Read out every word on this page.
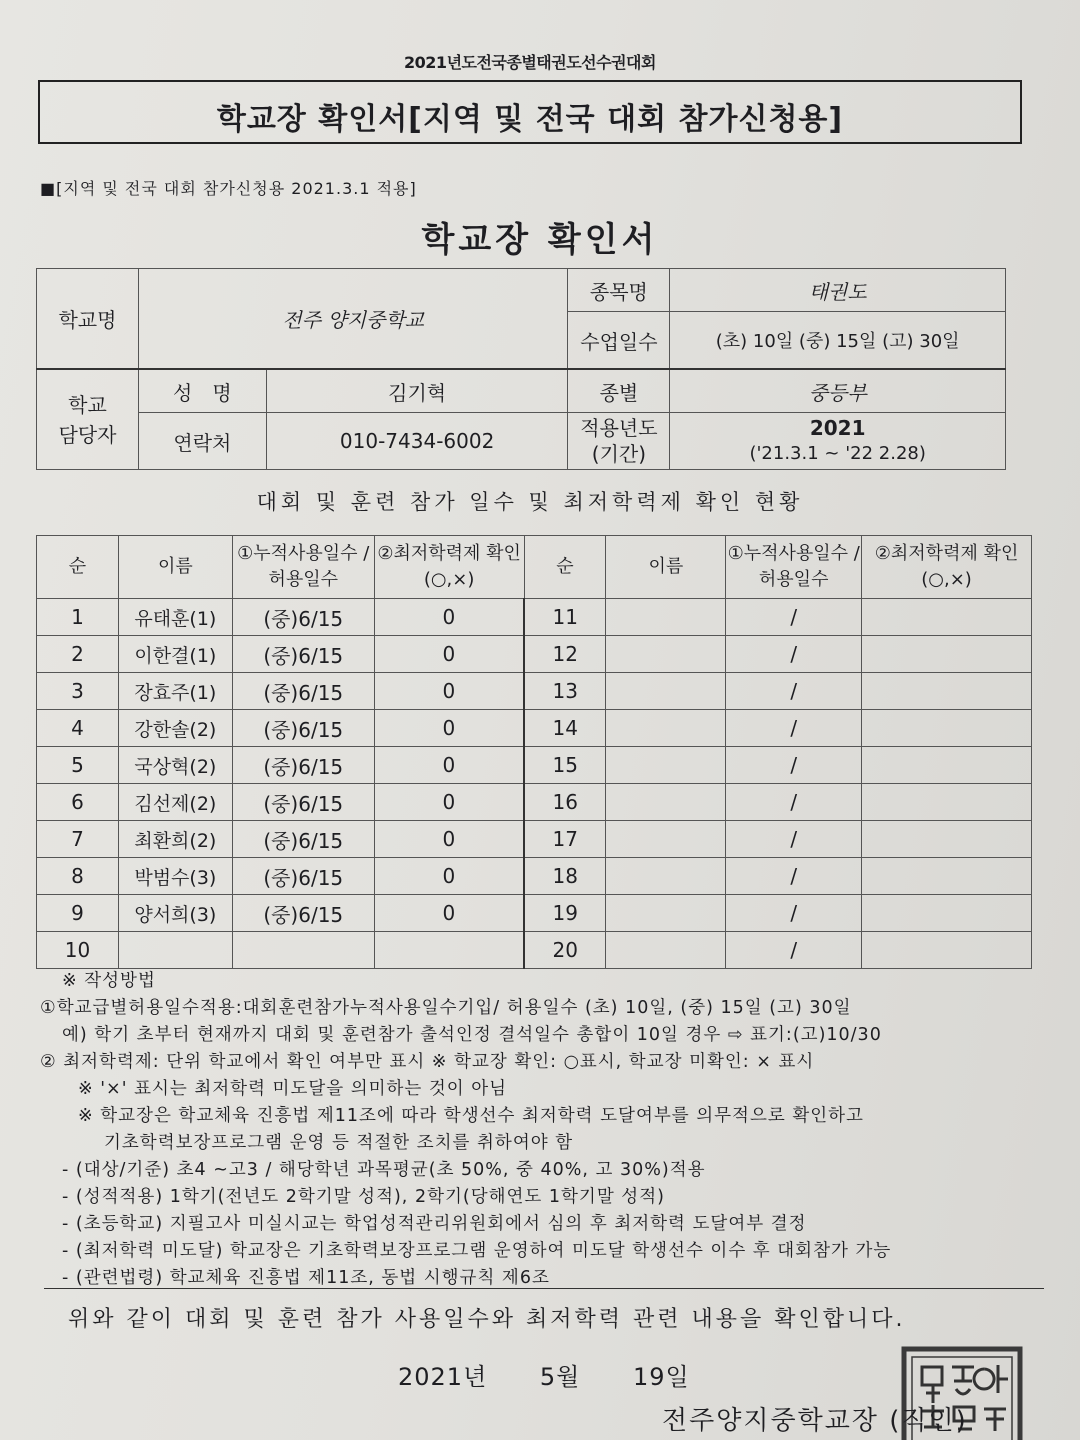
2021년도전국종별태권도선수권대회
학교장 확인서[지역 및 전국 대회 참가신청용]
■[지역 및 전국 대회 참가신청용 2021.3.1 적용]
학교장 확인서
학교명	전주 양지중학교		종목명	태권도
			수업일수	(초) 10일 (중) 15일 (고) 30일
학교 담당자	성　명	김기혁	종별	중등부
	연락처	010-7434-6002	적용년도 (기간)	2021
('21.3.1 ~ '22 2.28)
대회 및 훈련 참가 일수 및 최저학력제 확인 현황
순	이름	①누적사용일수 /허용일수	②최저학력제 확인(○,×)	순	이름	①누적사용일수 /허용일수	②최저학력제 확인(○,×)
1	유태훈(1)	(중)6/15	0	11		/	
2	이한결(1)	(중)6/15	0	12		/	
3	장효주(1)	(중)6/15	0	13		/	
4	강한솔(2)	(중)6/15	0	14		/	
5	국상혁(2)	(중)6/15	0	15		/	
6	김선제(2)	(중)6/15	0	16		/	
7	최환희(2)	(중)6/15	0	17		/	
8	박범수(3)	(중)6/15	0	18		/	
9	양서희(3)	(중)6/15	0	19		/	
10				20		/	
※ 작성방법
①학교급별허용일수적용:대회훈련참가누적사용일수기입/ 허용일수 (초) 10일, (중) 15일 (고) 30일
예) 학기 초부터 현재까지 대회 및 훈련참가 출석인정 결석일수 총합이 10일 경우 ⇨ 표기:(고)10/30
② 최저학력제: 단위 학교에서 확인 여부만 표시 ※ 학교장 확인: ○표시, 학교장 미확인: × 표시
※ '×' 표시는 최저학력 미도달을 의미하는 것이 아님
※ 학교장은 학교체육 진흥법 제11조에 따라 학생선수 최저학력 도달여부를 의무적으로 확인하고
기초학력보장프로그램 운영 등 적절한 조치를 취하여야 함
- (대상/기준) 초4 ~고3 / 해당학년 과목평균(초 50%, 중 40%, 고 30%)적용
- (성적적용) 1학기(전년도 2학기말 성적), 2학기(당해연도 1학기말 성적)
- (초등학교) 지필고사 미실시교는 학업성적관리위원회에서 심의 후 최저학력 도달여부 결정
- (최저학력 미도달) 학교장은 기초학력보장프로그램 운영하여 미도달 학생선수 이수 후 대회참가 가능
- (관련법령) 학교체육 진흥법 제11조, 동법 시행규칙 제6조
위와 같이 대회 및 훈련 참가 사용일수와 최저학력 관련 내용을 확인합니다.
2021년 5월 19일
전주양지중학교장 (직인)
